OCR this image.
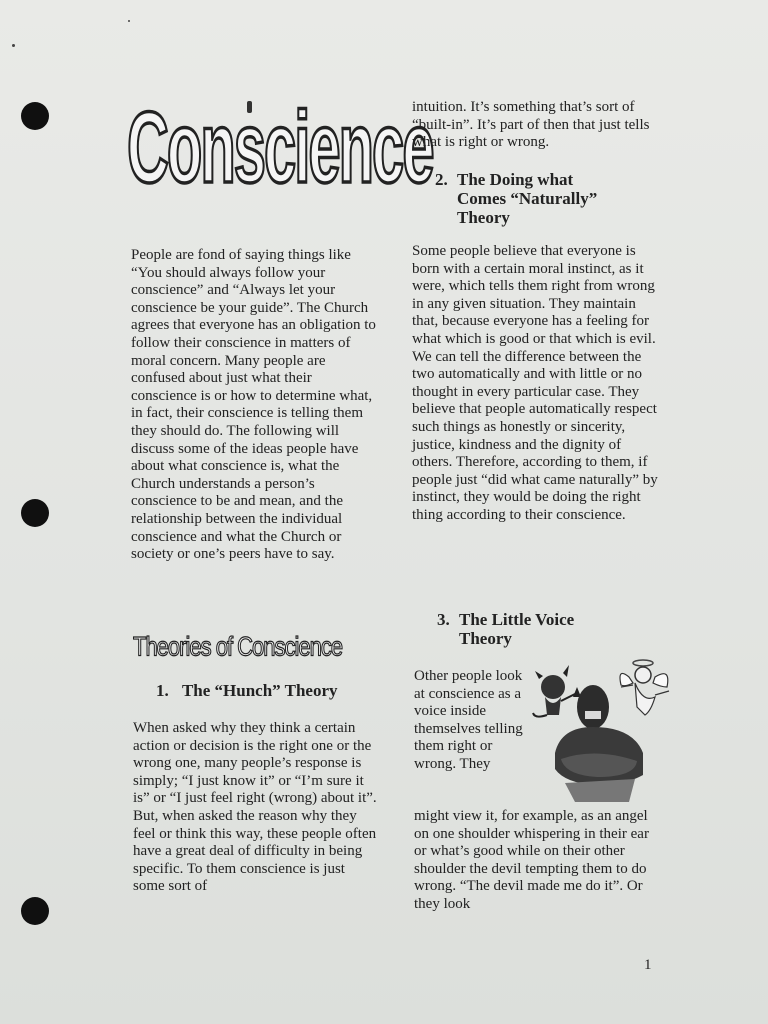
Conscience

People are fond of saying things like “You should always follow your conscience” and “Always let your conscience be your guide”. The Church agrees that everyone has an obligation to follow their conscience in matters of moral concern. Many people are confused about just what their conscience is or how to determine what, in fact, their conscience is telling them they should do. The following will discuss some of the ideas people have about what conscience is, what the Church understands a person’s conscience to be and mean, and the relationship between the individual conscience and what the Church or society or one’s peers have to say.

Theories of Conscience
1. The “Hunch” Theory

When asked why they think a certain action or decision is the right one or the wrong one, many people’s response is simply; “I just know it” or “I’m sure it is” or “I just feel right (wrong) about it”. But, when asked the reason why they feel or think this way, these people often have a great deal of difficulty in being specific. To them conscience is just some sort of

intuition. It’s something that’s sort of “built-in”. It’s part of then that just tells what is right or wrong.

2. The Doing what
Comes “Naturally”
Theory

Some people believe that everyone is born with a certain moral instinct, as it were, which tells them right from wrong in any given situation. They maintain that, because everyone has a feeling for what which is good or that which is evil. We can tell the difference between the two automatically and with little or no thought in every particular case. They believe that people automatically respect such things as honestly or sincerity, justice, kindness and the dignity of others. Therefore, according to them, if people just “did what came naturally” by instinct, they would be doing the right thing according to their conscience.

3. The Little Voice
Theory

Other people look at conscience as a voice inside themselves telling them right or wrong. They

might view it, for example, as an angel on one shoulder whispering in their ear or what’s good while on their other shoulder the devil tempting them to do wrong. “The devil made me do it”. Or they look

1
